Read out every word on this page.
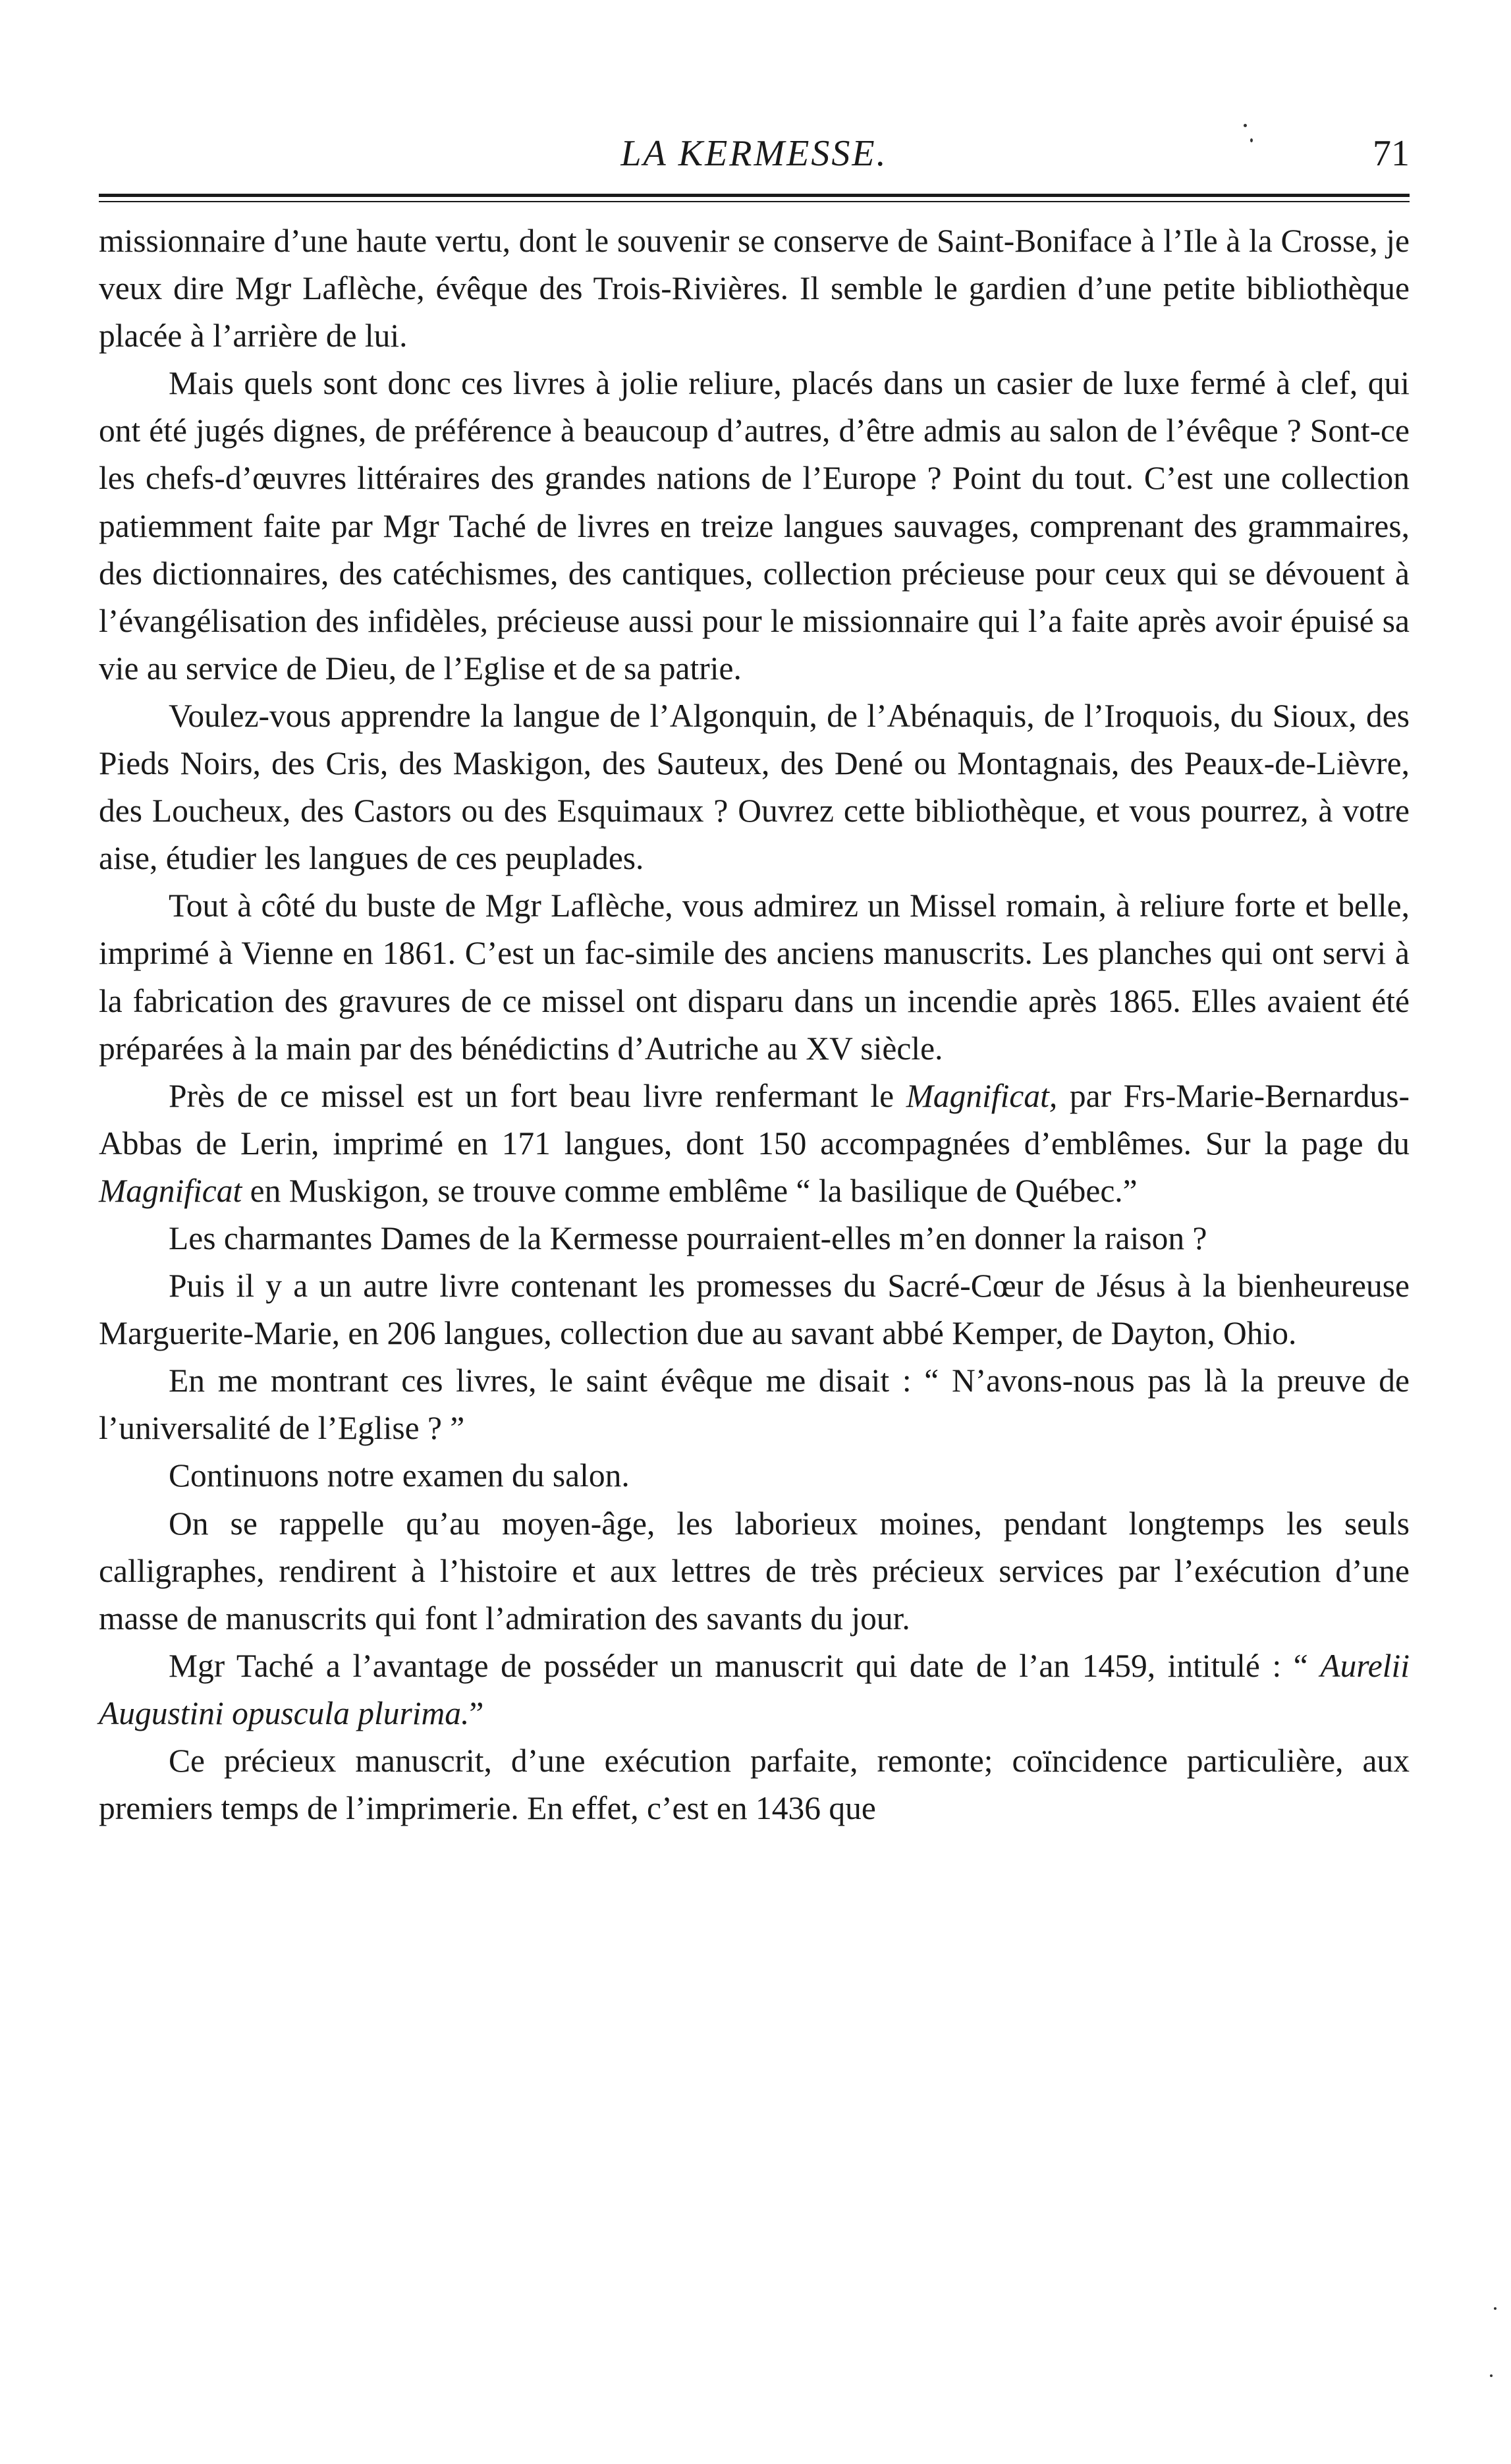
LA KERMESSE.	71

missionnaire d’une haute vertu, dont le souvenir se conserve de Saint-Boniface à l’Ile à la Crosse, je veux dire Mgr Laflèche, évêque des Trois-Rivières. Il semble le gardien d’une petite bibliothèque placée à l’arrière de lui.

Mais quels sont donc ces livres à jolie reliure, placés dans un casier de luxe fermé à clef, qui ont été jugés dignes, de préférence à beaucoup d’autres, d’être admis au salon de l’évêque ? Sont-ce les chefs-d’œuvres littéraires des grandes nations de l’Europe ? Point du tout. C’est une collection patiemment faite par Mgr Taché de livres en treize langues sauvages, comprenant des grammaires, des dictionnaires, des catéchismes, des cantiques, collection précieuse pour ceux qui se dévouent à l’évangélisation des infidèles, précieuse aussi pour le missionnaire qui l’a faite après avoir épuisé sa vie au service de Dieu, de l’Eglise et de sa patrie.

Voulez-vous apprendre la langue de l’Algonquin, de l’Abénaquis, de l’Iroquois, du Sioux, des Pieds Noirs, des Cris, des Maskigon, des Sauteux, des Dené ou Montagnais, des Peaux-de-Lièvre, des Loucheux, des Castors ou des Esquimaux ? Ouvrez cette bibliothèque, et vous pourrez, à votre aise, étudier les langues de ces peuplades.

Tout à côté du buste de Mgr Laflèche, vous admirez un Missel romain, à reliure forte et belle, imprimé à Vienne en 1861. C’est un fac-simile des anciens manuscrits. Les planches qui ont servi à la fabrication des gravures de ce missel ont disparu dans un incendie après 1865. Elles avaient été préparées à la main par des bénédictins d’Autriche au XV siècle.

Près de ce missel est un fort beau livre renfermant le Magnificat, par Frs-Marie-Bernardus-Abbas de Lerin, imprimé en 171 langues, dont 150 accompagnées d’emblêmes. Sur la page du Magnificat en Muskigon, se trouve comme emblême “ la basilique de Québec.”

Les charmantes Dames de la Kermesse pourraient-elles m’en donner la raison ?

Puis il y a un autre livre contenant les promesses du Sacré-Cœur de Jésus à la bienheureuse Marguerite-Marie, en 206 langues, collection due au savant abbé Kemper, de Dayton, Ohio.

En me montrant ces livres, le saint évêque me disait : “ N’avons-nous pas là la preuve de l’universalité de l’Eglise ? ”

Continuons notre examen du salon.

On se rappelle qu’au moyen-âge, les laborieux moines, pendant longtemps les seuls calligraphes, rendirent à l’histoire et aux lettres de très précieux services par l’exécution d’une masse de manuscrits qui font l’admiration des savants du jour.

Mgr Taché a l’avantage de posséder un manuscrit qui date de l’an 1459, intitulé : “ Aurelii Augustini opuscula plurima.”

Ce précieux manuscrit, d’une exécution parfaite, remonte; coïncidence particulière, aux premiers temps de l’imprimerie. En effet, c’est en 1436 que
